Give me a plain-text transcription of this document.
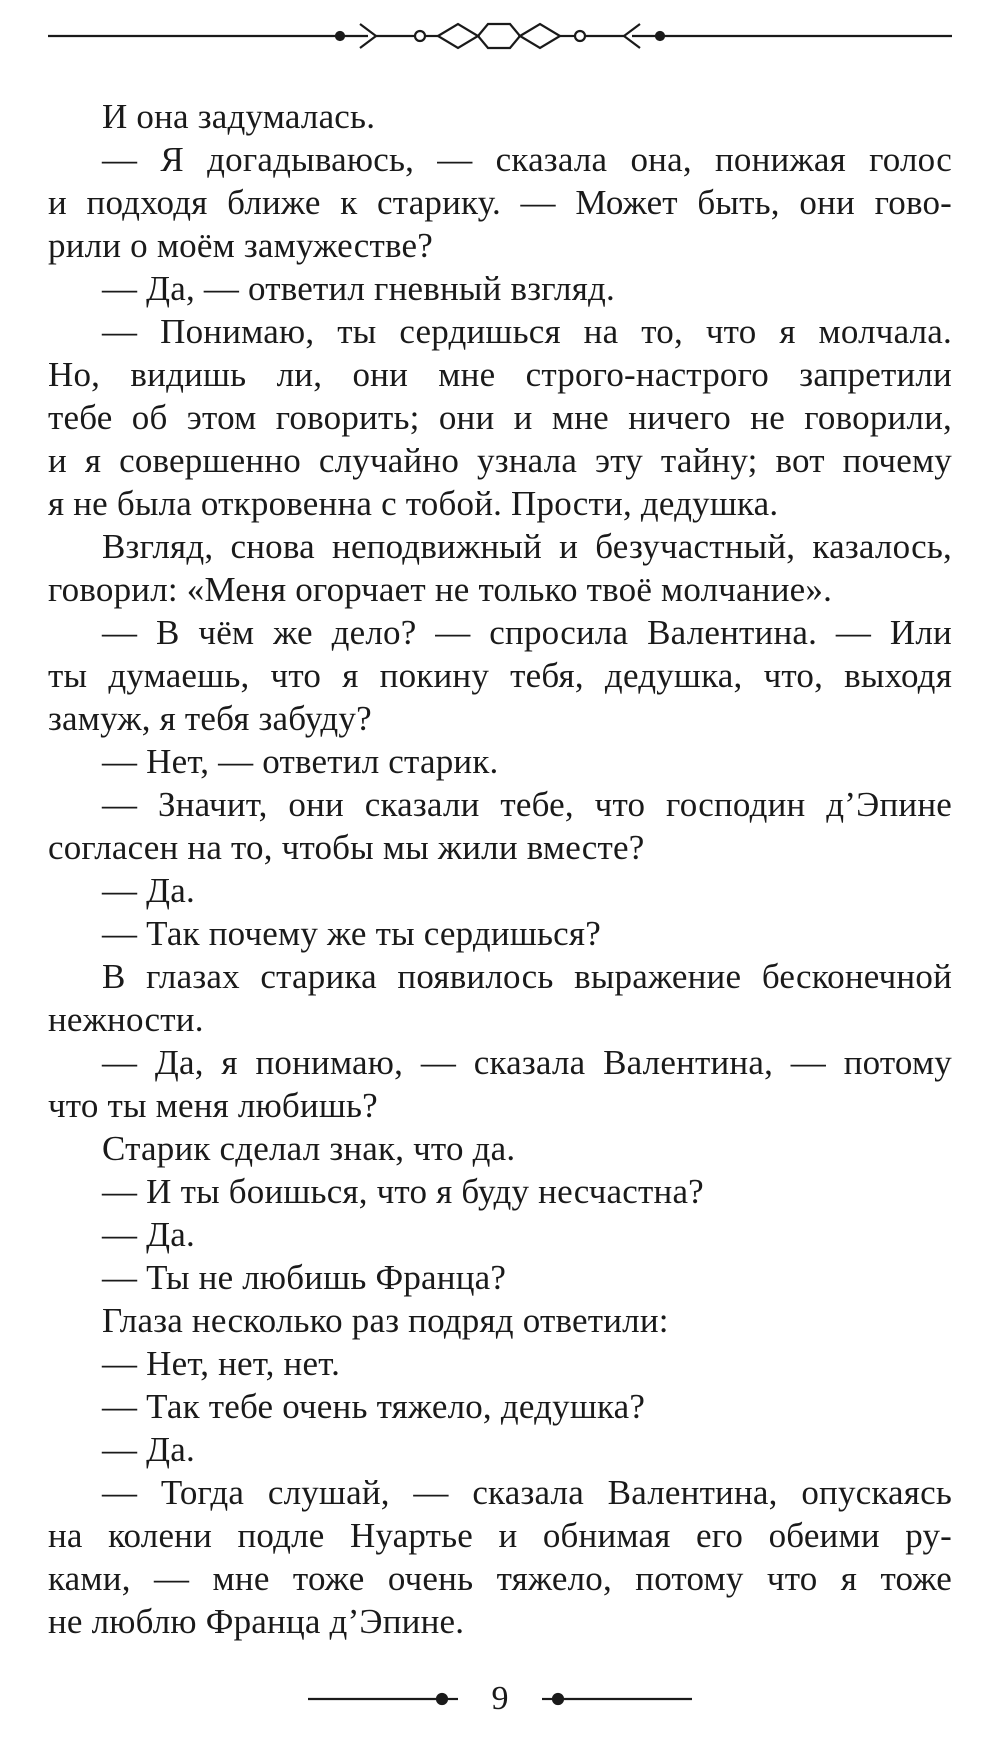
И она задумалась.
— Я догадываюсь, — сказала она, понижая голос
и подходя ближе к старику. — Может быть, они гово-
рили о моём замужестве?
— Да, — ответил гневный взгляд.
— Понимаю, ты сердишься на то, что я молчала.
Но, видишь ли, они мне строго-настрого запретили
тебе об этом говорить; они и мне ничего не говорили,
и я совершенно случайно узнала эту тайну; вот почему
я не была откровенна с тобой. Прости, дедушка.
Взгляд, снова неподвижный и безучастный, казалось,
говорил: «Меня огорчает не только твоё молчание».
— В чём же дело? — спросила Валентина. — Или
ты думаешь, что я покину тебя, дедушка, что, выходя
замуж, я тебя забуду?
— Нет, — ответил старик.
— Значит, они сказали тебе, что господин д’Эпине
согласен на то, чтобы мы жили вместе?
— Да.
— Так почему же ты сердишься?
В глазах старика появилось выражение бесконечной
нежности.
— Да, я понимаю, — сказала Валентина, — потому
что ты меня любишь?
Старик сделал знак, что да.
— И ты боишься, что я буду несчастна?
— Да.
— Ты не любишь Франца?
Глаза несколько раз подряд ответили:
— Нет, нет, нет.
— Так тебе очень тяжело, дедушка?
— Да.
— Тогда слушай, — сказала Валентина, опускаясь
на колени подле Нуартье и обнимая его обеими ру-
ками, — мне тоже очень тяжело, потому что я тоже
не люблю Франца д’Эпине.
9
